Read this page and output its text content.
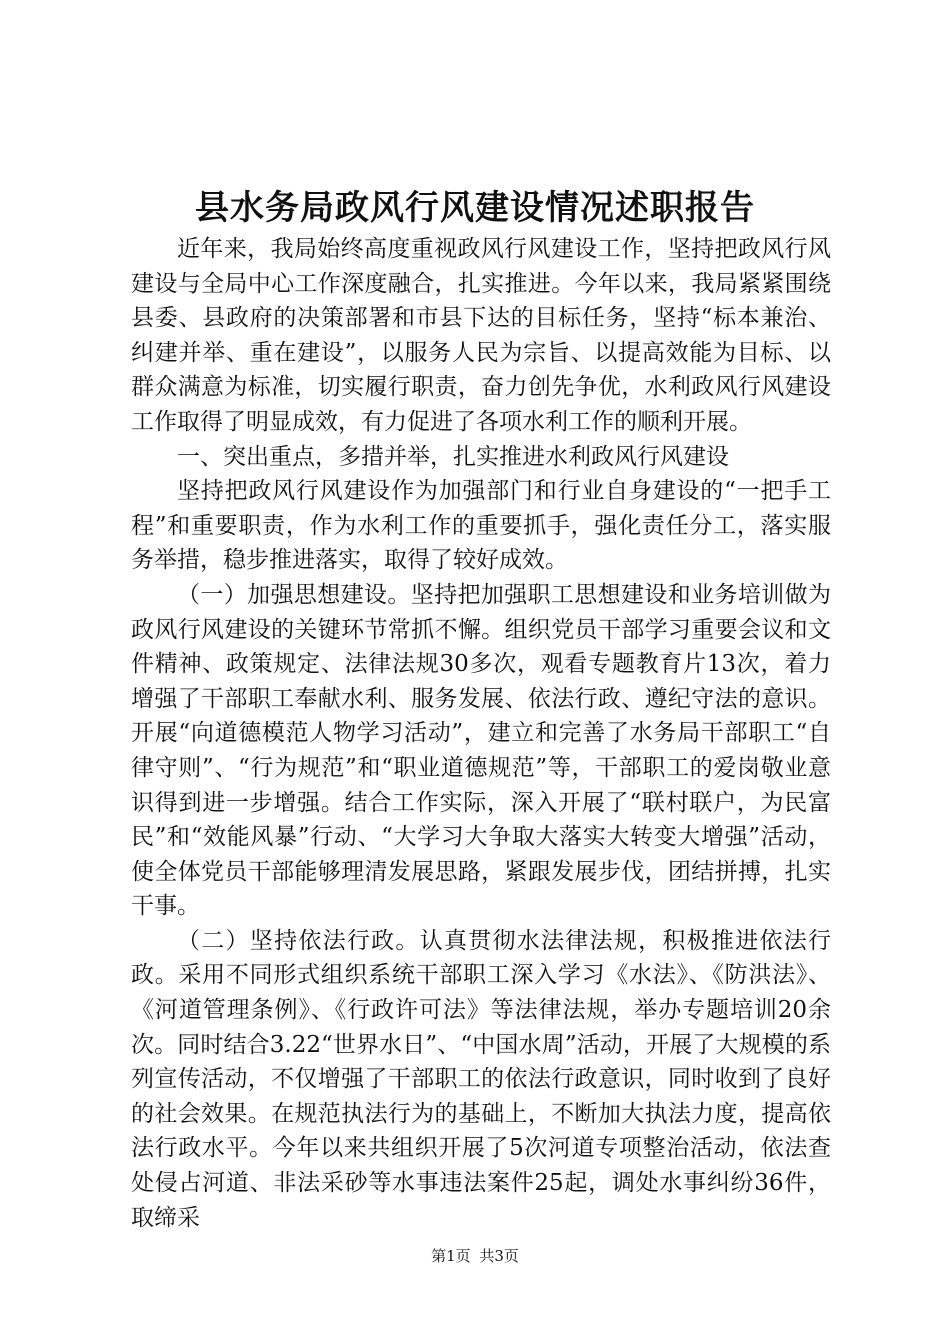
县水务局政风行风建设情况述职报告

近年来，我局始终高度重视政风行风建设工作，坚持把政风行风建设与全局中心工作深度融合，扎实推进。今年以来，我局紧紧围绕县委、县政府的决策部署和市县下达的目标任务，坚持“标本兼治、纠建并举、重在建设”，以服务人民为宗旨、以提高效能为目标、以群众满意为标准，切实履行职责，奋力创先争优，水利政风行风建设工作取得了明显成效，有力促进了各项水利工作的顺利开展。

一、突出重点，多措并举，扎实推进水利政风行风建设

坚持把政风行风建设作为加强部门和行业自身建设的“一把手工程”和重要职责，作为水利工作的重要抓手，强化责任分工，落实服务举措，稳步推进落实，取得了较好成效。

（一）加强思想建设。坚持把加强职工思想建设和业务培训做为政风行风建设的关键环节常抓不懈。组织党员干部学习重要会议和文件精神、政策规定、法律法规30多次，观看专题教育片13次，着力增强了干部职工奉献水利、服务发展、依法行政、遵纪守法的意识。开展“向道德模范人物学习活动”，建立和完善了水务局干部职工“自律守则”、“行为规范”和“职业道德规范”等，干部职工的爱岗敬业意识得到进一步增强。结合工作实际，深入开展了“联村联户，为民富民”和“效能风暴”行动、“大学习大争取大落实大转变大增强”活动，使全体党员干部能够理清发展思路，紧跟发展步伐，团结拼搏，扎实干事。

（二）坚持依法行政。认真贯彻水法律法规，积极推进依法行政。采用不同形式组织系统干部职工深入学习《水法》、《防洪法》、《河道管理条例》、《行政许可法》等法律法规，举办专题培训20余次。同时结合3.22“世界水日”、“中国水周”活动，开展了大规模的系列宣传活动，不仅增强了干部职工的依法行政意识，同时收到了良好的社会效果。在规范执法行为的基础上，不断加大执法力度，提高依法行政水平。今年以来共组织开展了5次河道专项整治活动，依法查处侵占河道、非法采砂等水事违法案件25起，调处水事纠纷36件，取缔采

第1页 共3页
